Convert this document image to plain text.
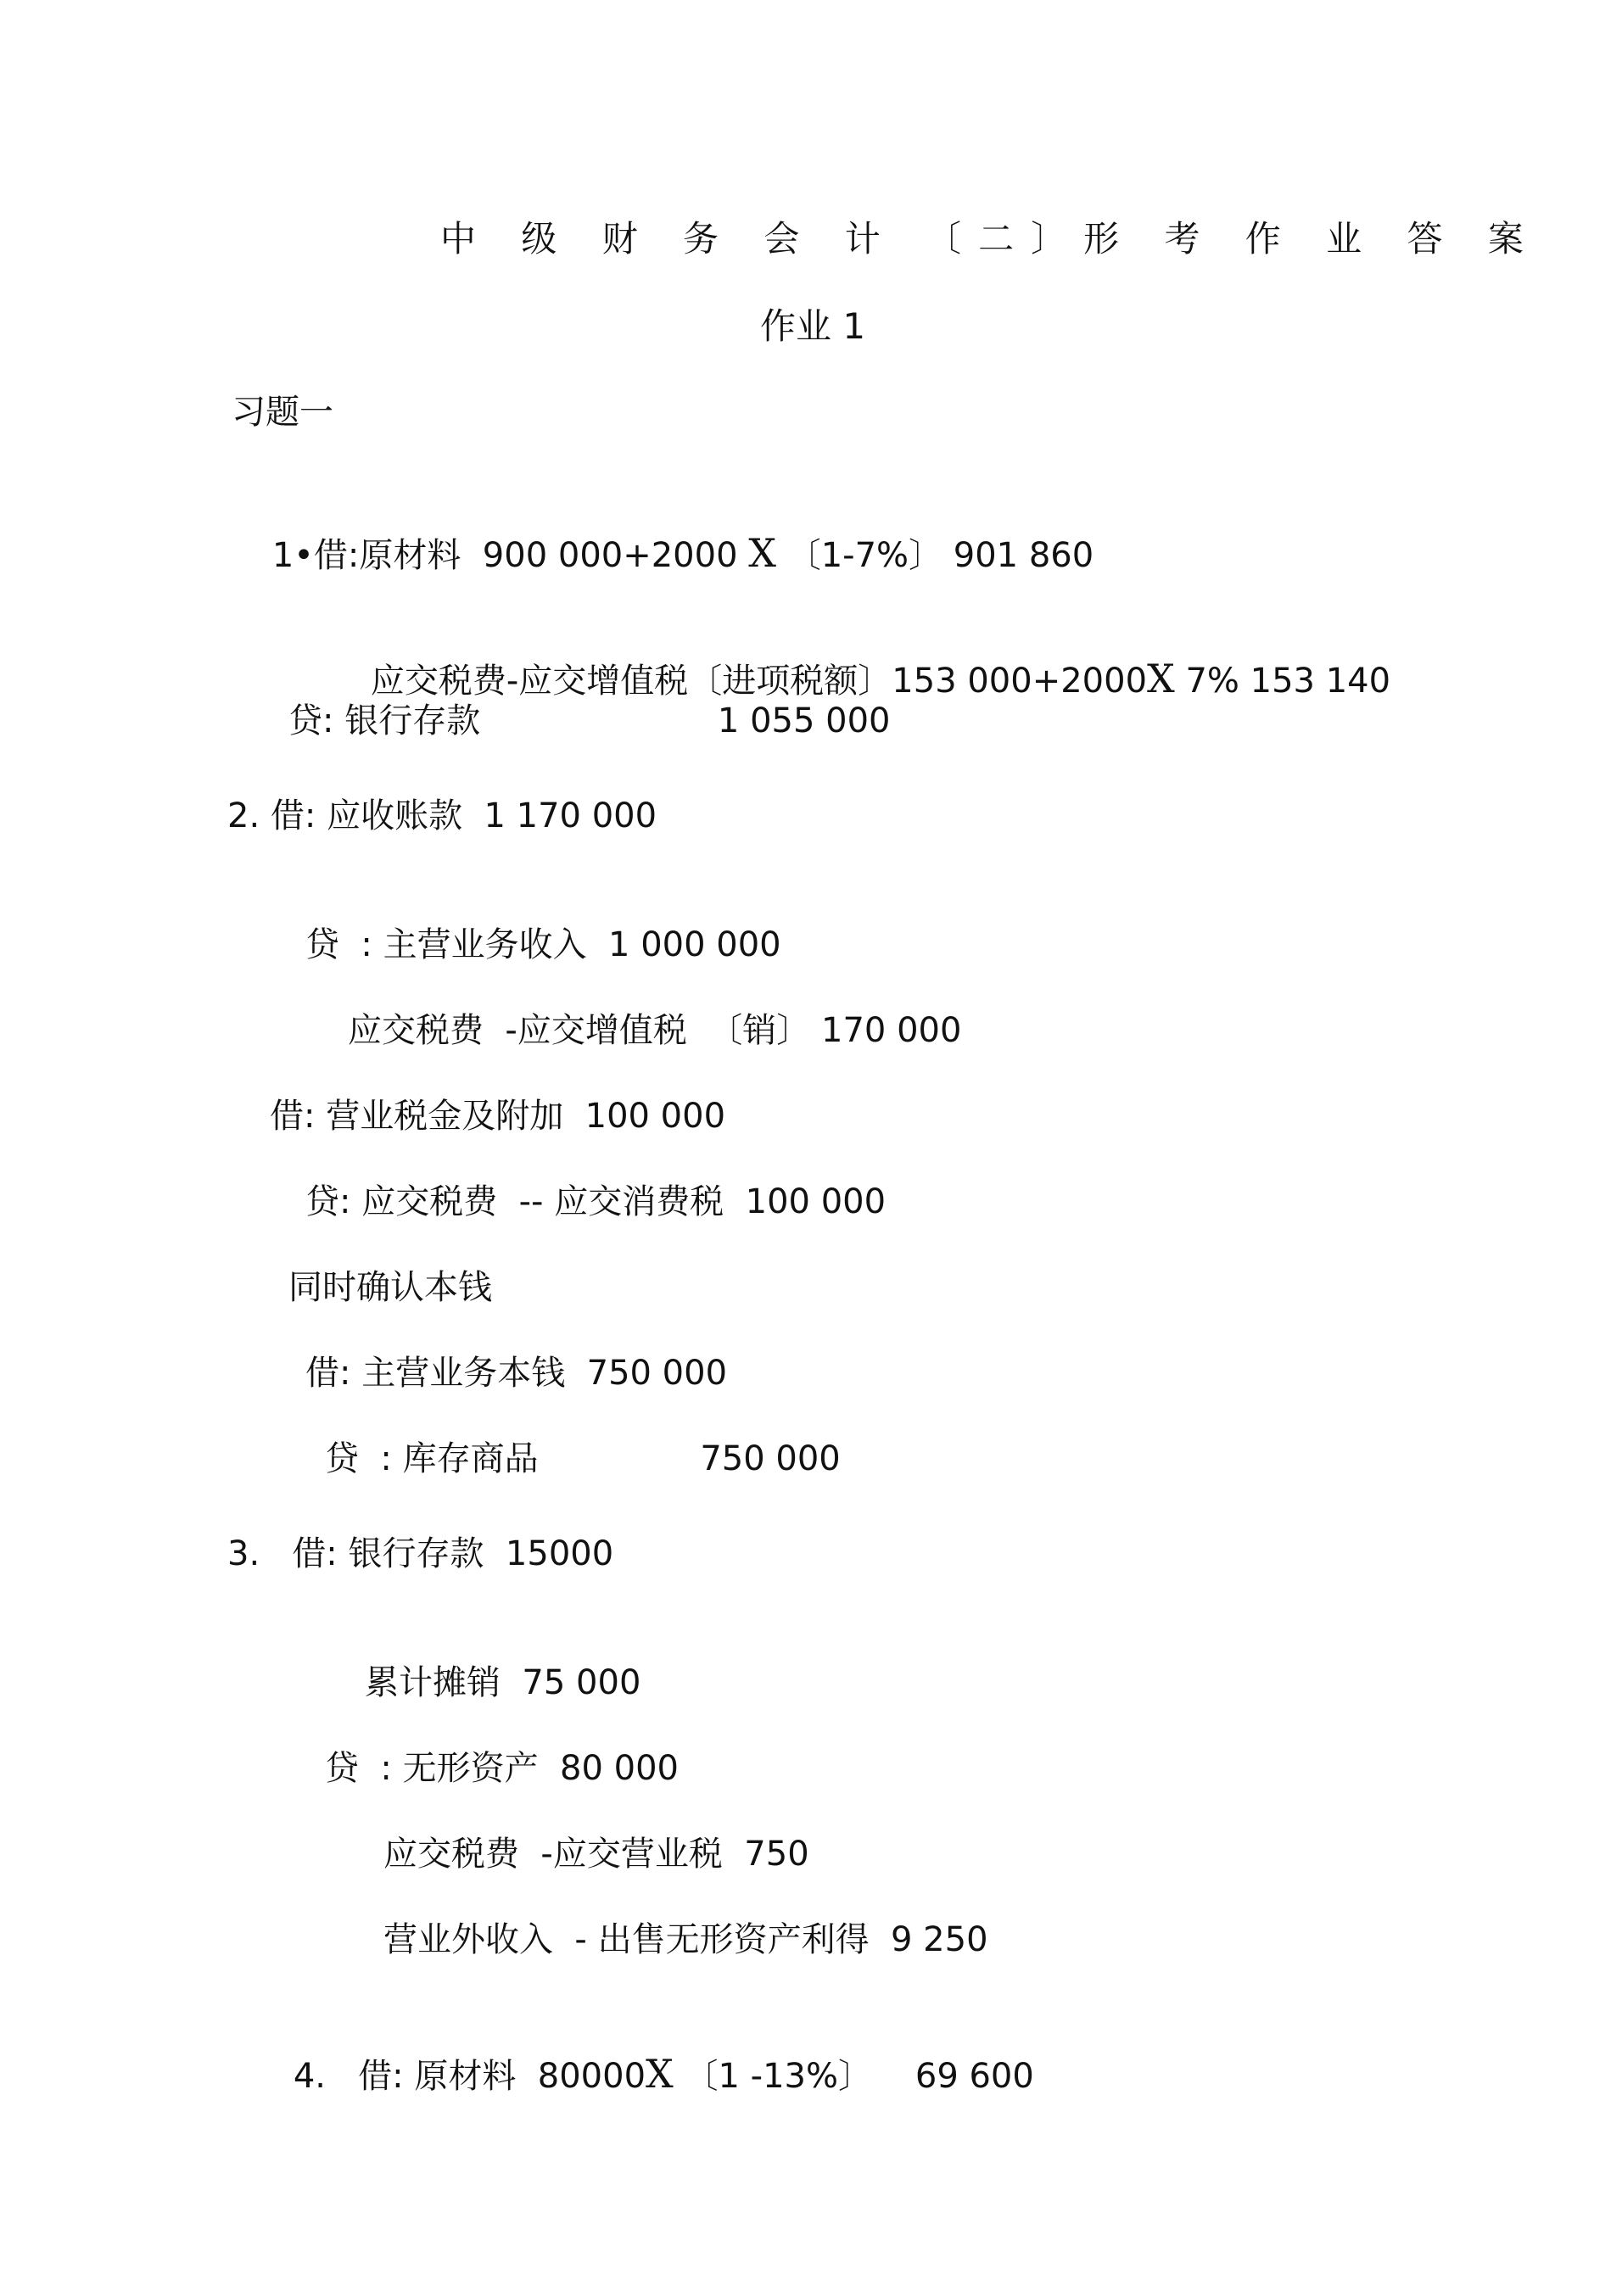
中 级 财 务 会 计 〔二〕形 考 作 业 答 案
作业 1
习题一

1•借:原材料  900 000+2000 X 〔1-7%〕 901 860

应交税费-应交增值税〔进项税额〕153 000+2000X 7% 153 140

贷: 银行存款                      1 055 000
2. 借: 应收账款  1 170 000
贷  : 主营业务收入  1 000 000
应交税费  -应交增值税  〔销〕 170 000
借: 营业税金及附加  100 000
贷: 应交税费  -- 应交消费税  100 000
同时确认本钱
借: 主营业务本钱  750 000
贷  : 库存商品               750 000
3.   借: 银行存款  15000
累计摊销  75 000
贷  : 无形资产  80 000
应交税费  -应交营业税  750
营业外收入  - 出售无形资产利得  9 250

4.   借: 原材料  80000X 〔1 -13%〕    69 600
